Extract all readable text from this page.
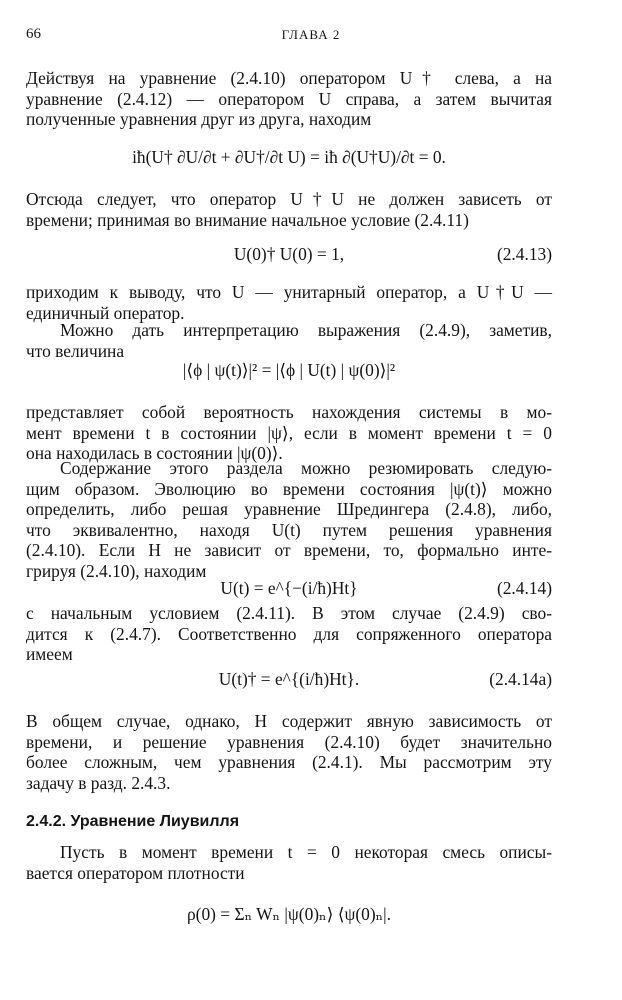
66	ГЛАВА 2
Действуя на уравнение (2.4.10) оператором U† слева, а на
уравнение (2.4.12) — оператором U справа, а затем вычитая
полученные уравнения друг из друга, находим
iħ(U† ∂U/∂t + ∂U†/∂t U) = iħ ∂(U†U)/∂t = 0.
Отсюда следует, что оператор U†U не должен зависеть от
времени; принимая во внимание начальное условие (2.4.11)
U(0)† U(0) = 1,	(2.4.13)
приходим к выводу, что U — унитарный оператор, а U†U —
единичный оператор.
Можно дать интерпретацию выражения (2.4.9), заметив,
что величина
|⟨ϕ | ψ(t)⟩|² = |⟨ϕ | U(t) | ψ(0)⟩|²
представляет собой вероятность нахождения системы в мо-
мент времени t в состоянии |ψ⟩, если в момент времени t = 0
она находилась в состоянии |ψ(0)⟩.
Содержание этого раздела можно резюмировать следую-
щим образом. Эволюцию во времени состояния |ψ(t)⟩ можно
определить, либо решая уравнение Шредингера (2.4.8), либо,
что эквивалентно, находя U(t) путем решения уравнения
(2.4.10). Если H не зависит от времени, то, формально инте-
грируя (2.4.10), находим
U(t) = e^{−(i/ħ)Ht}	(2.4.14)
с начальным условием (2.4.11). В этом случае (2.4.9) сво-
дится к (2.4.7). Соответственно для сопряженного оператора
имеем
U(t)† = e^{(i/ħ)Ht}.	(2.4.14a)
В общем случае, однако, H содержит явную зависимость от
времени, и решение уравнения (2.4.10) будет значительно
более сложным, чем уравнения (2.4.1). Мы рассмотрим эту
задачу в разд. 2.4.3.
2.4.2. Уравнение Лиувилля
Пусть в момент времени t = 0 некоторая смесь описы-
вается оператором плотности
ρ(0) = Σₙ Wₙ |ψ(0)ₙ⟩ ⟨ψ(0)ₙ|.
